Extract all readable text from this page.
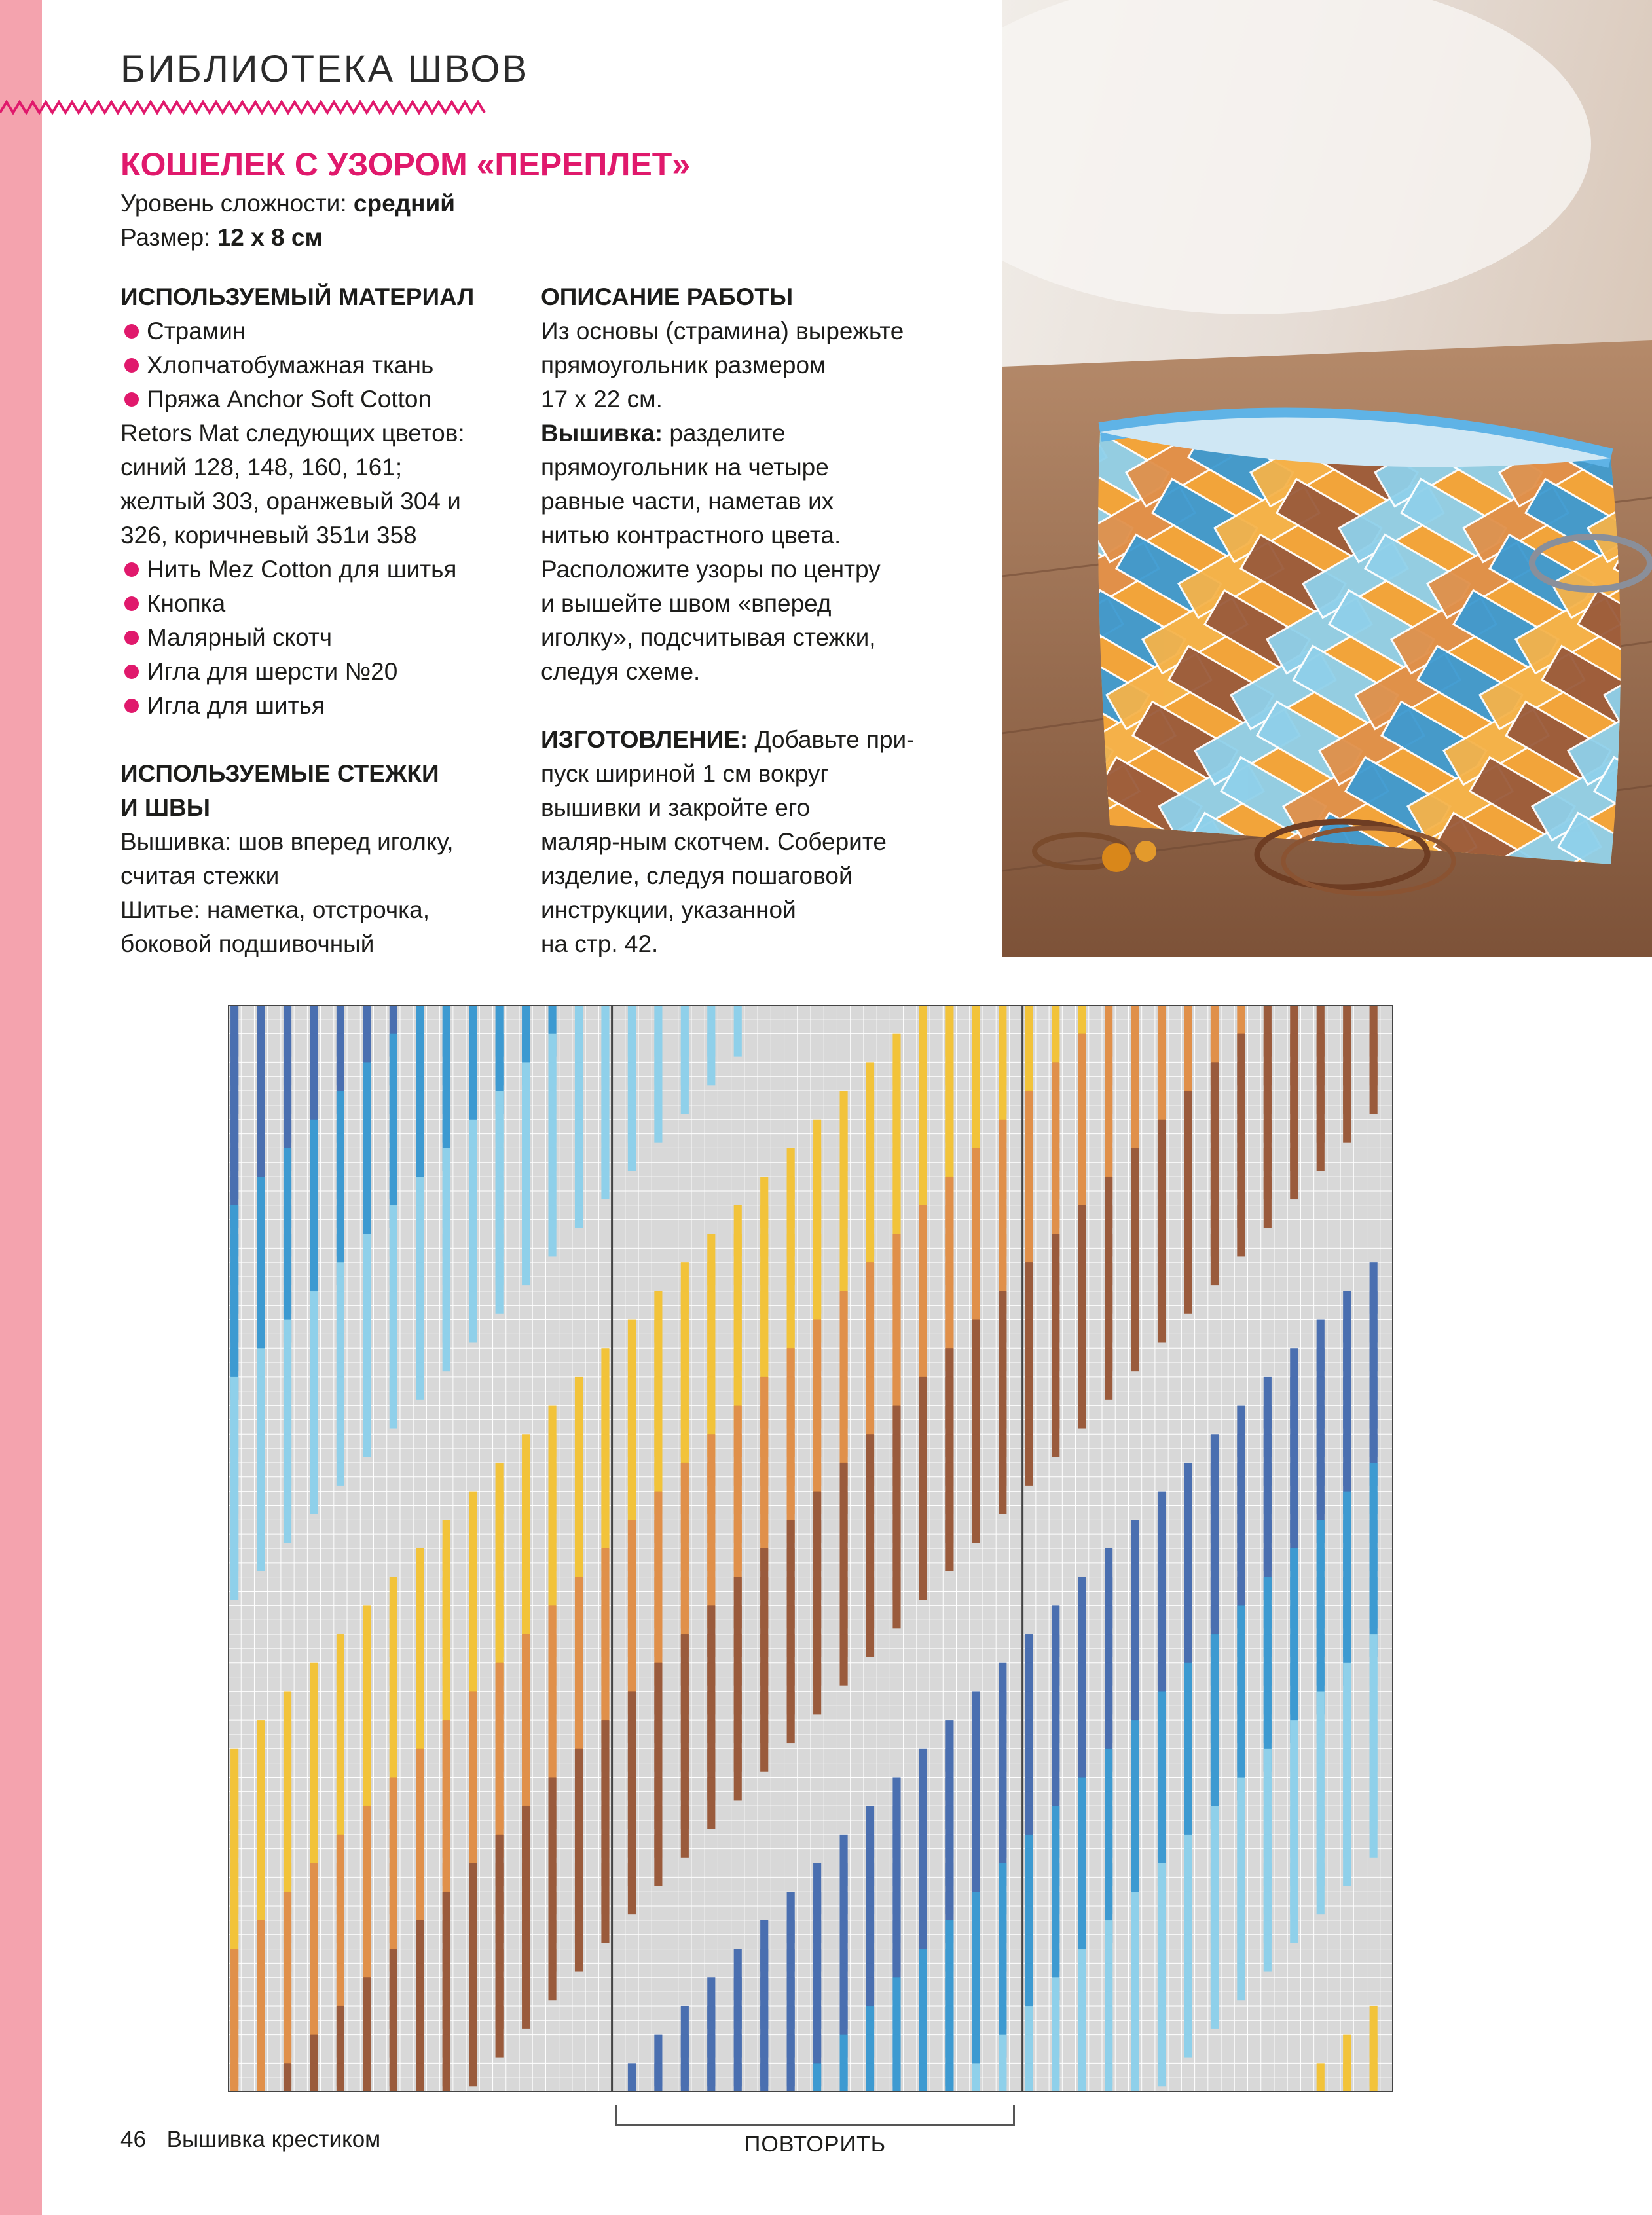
БИБЛИОТЕКА ШВОВ
КОШЕЛЕК С УЗОРОМ «ПЕРЕПЛЕТ»
Уровень сложности: средний
Размер: 12 х 8 см
ИСПОЛЬЗУЕМЫЙ МАТЕРИАЛ

Страмин

Хлопчатобумажная ткань

Пряжа Anchor Soft Cotton

Retors Mat следующих цветов:

синий 128, 148, 160, 161;

желтый 303, оранжевый 304 и

326, коричневый 351и 358

Нить Mez Cotton для шитья

Кнопка

Малярный скотч

Игла для шерсти №20

Игла для шитья

ИСПОЛЬЗУЕМЫЕ СТЕЖКИ
И ШВЫ

Вышивка: шов вперед иголку,

считая стежки

Шитье: наметка, отстрочка,

боковой подшивочный

ОПИСАНИЕ РАБОТЫ

Из основы (страмина) вырежьте

прямоугольник размером

17 х 22 см.

Вышивка: разделите

прямоугольник на четыре

равные части, наметав их

нитью контрастного цвета.

Расположите узоры по центру

и вышейте швом «вперед

иголку», подсчитывая стежки,

следуя схеме.

ИЗГОТОВЛЕНИЕ: Добавьте при-

пуск шириной 1 см вокруг

вышивки и закройте его

маляр-ным скотчем. Соберите

изделие, следуя пошаговой

инструкции, указанной

на стр. 42.

ПОВТОРИТЬ
46 Вышивка крестиком
